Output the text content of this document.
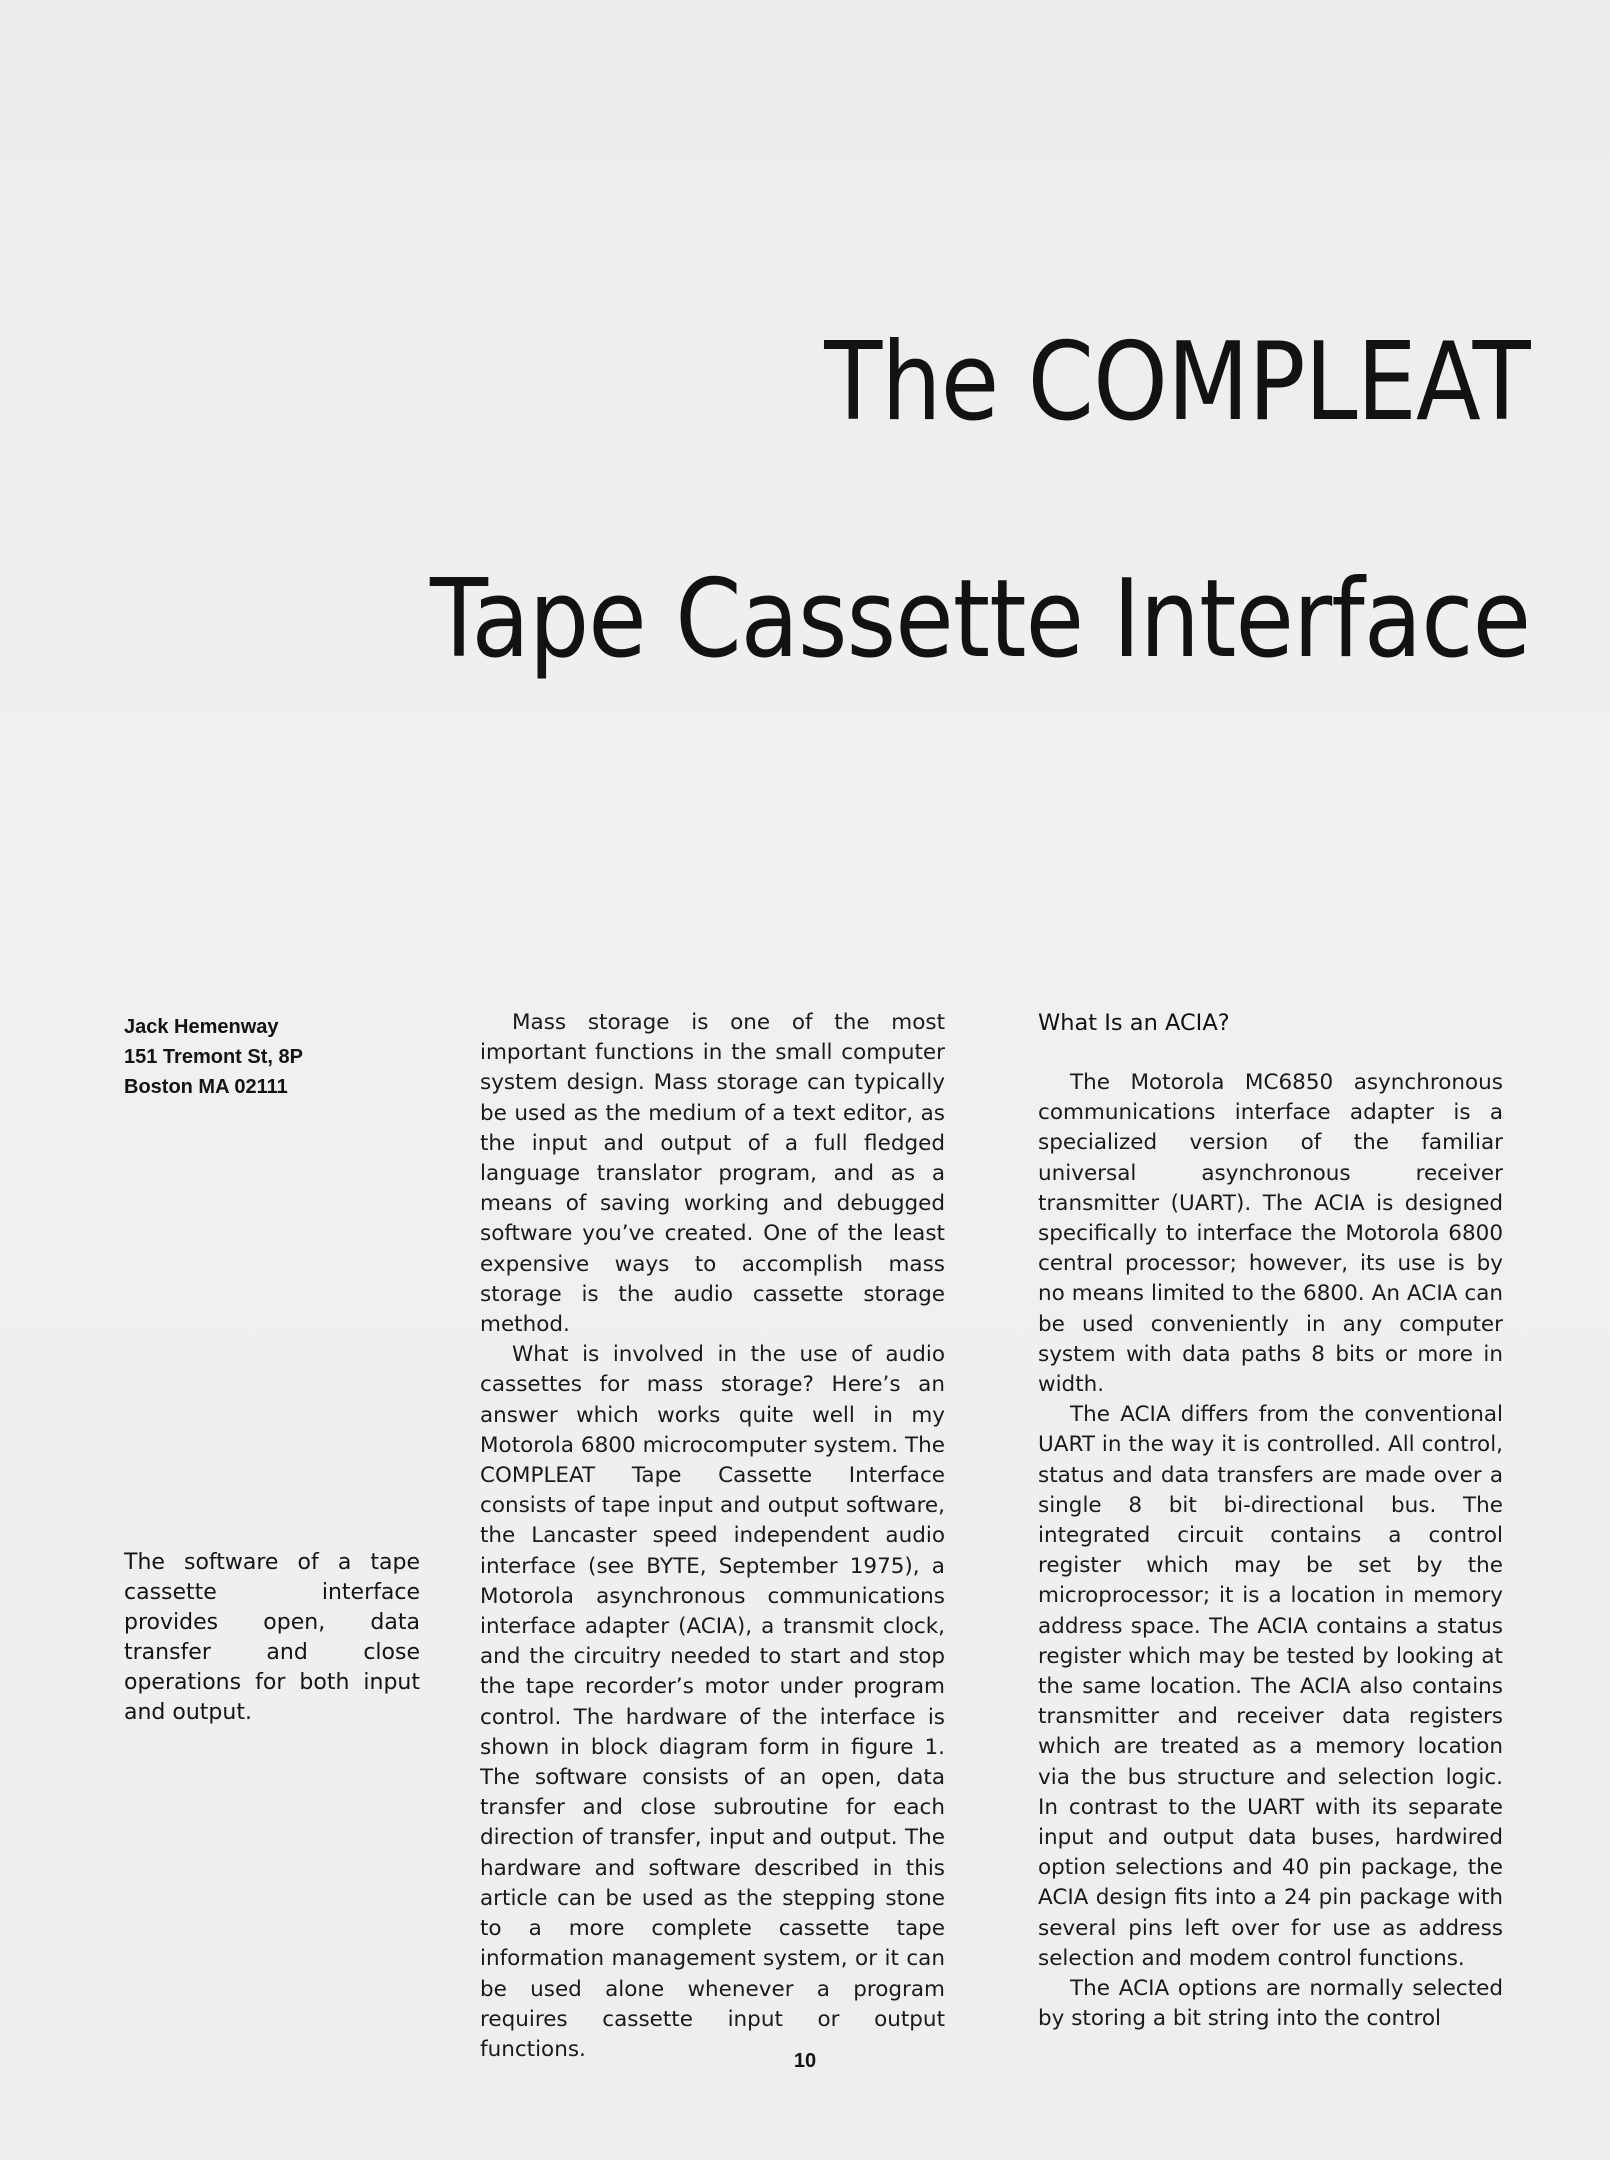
The COMPLEAT
Tape Cassette Interface
Jack Hemenway
151 Tremont St, 8P
Boston MA 02111
The software of a tape cassette interface provides open, data transfer and close operations for both input and output.

Mass storage is one of the most important functions in the small computer system design. Mass storage can typically be used as the medium of a text editor, as the input and output of a full fledged language translator program, and as a means of saving working and debugged software you’ve created. One of the least expensive ways to accomplish mass storage is the audio cassette storage method.

What is involved in the use of audio cassettes for mass storage? Here’s an answer which works quite well in my Motorola 6800 microcomputer system. The COMPLEAT Tape Cassette Interface consists of tape input and output software, the Lancaster speed independent audio interface (see BYTE, September 1975), a Motorola asynchronous communications interface adapter (ACIA), a transmit clock, and the circuitry needed to start and stop the tape recorder’s motor under program control. The hardware of the interface is shown in block diagram form in figure 1. The software consists of an open, data transfer and close subroutine for each direction of transfer, input and output. The hardware and software described in this article can be used as the stepping stone to a more complete cassette tape information management system, or it can be used alone whenever a program requires cassette input or output functions.

What Is an ACIA?

The Motorola MC6850 asynchronous communications interface adapter is a specialized version of the familiar universal asynchronous receiver transmitter (UART). The ACIA is designed specifically to interface the Motorola 6800 central processor; however, its use is by no means limited to the 6800. An ACIA can be used conveniently in any computer system with data paths 8 bits or more in width.

The ACIA differs from the conventional UART in the way it is controlled. All control, status and data transfers are made over a single 8 bit bi-directional bus. The integrated circuit contains a control register which may be set by the microprocessor; it is a location in memory address space. The ACIA contains a status register which may be tested by looking at the same location. The ACIA also contains transmitter and receiver data registers which are treated as a memory location via the bus structure and selection logic. In contrast to the UART with its separate input and output data buses, hardwired option selections and 40 pin package, the ACIA design fits into a 24 pin package with several pins left over for use as address selection and modem control functions.

The ACIA options are normally selected by storing a bit string into the control

10
